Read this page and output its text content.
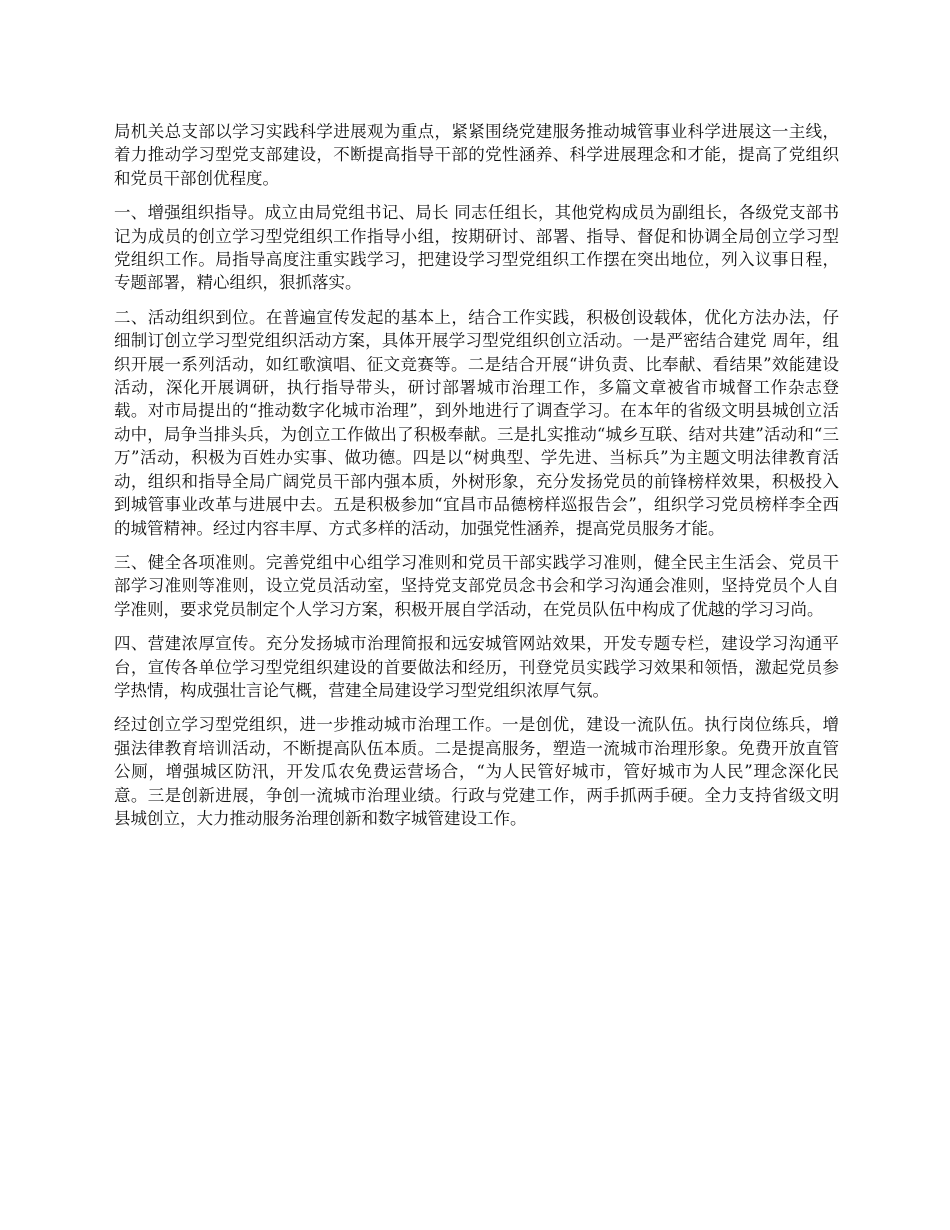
局机关总支部以学习实践科学进展观为重点，紧紧围绕党建服务推动城管事业科学进展这一主线，着力推动学习型党支部建设，不断提高指导干部的党性涵养、科学进展理念和才能，提高了党组织和党员干部创优程度。

一、增强组织指导。成立由局党组书记、局长 同志任组长，其他党构成员为副组长，各级党支部书记为成员的创立学习型党组织工作指导小组，按期研讨、部署、指导、督促和协调全局创立学习型党组织工作。局指导高度注重实践学习，把建设学习型党组织工作摆在突出地位，列入议事日程，专题部署，精心组织，狠抓落实。

二、活动组织到位。在普遍宣传发起的基本上，结合工作实践，积极创设载体，优化方法办法，仔细制订创立学习型党组织活动方案，具体开展学习型党组织创立活动。一是严密结合建党 周年，组织开展一系列活动，如红歌演唱、征文竞赛等。二是结合开展“讲负责、比奉献、看结果”效能建设活动，深化开展调研，执行指导带头，研讨部署城市治理工作，多篇文章被省市城督工作杂志登载。对市局提出的“推动数字化城市治理”，到外地进行了调查学习。在本年的省级文明县城创立活动中，局争当排头兵，为创立工作做出了积极奉献。三是扎实推动“城乡互联、结对共建”活动和“三万”活动，积极为百姓办实事、做功德。四是以“树典型、学先进、当标兵”为主题文明法律教育活动，组织和指导全局广阔党员干部内强本质，外树形象，充分发扬党员的前锋榜样效果，积极投入到城管事业改革与进展中去。五是积极参加“宜昌市品德榜样巡报告会”，组织学习党员榜样李全西的城管精神。经过内容丰厚、方式多样的活动，加强党性涵养，提高党员服务才能。

三、健全各项准则。完善党组中心组学习准则和党员干部实践学习准则，健全民主生活会、党员干部学习准则等准则，设立党员活动室，坚持党支部党员念书会和学习沟通会准则，坚持党员个人自学准则，要求党员制定个人学习方案，积极开展自学活动，在党员队伍中构成了优越的学习习尚。

四、营建浓厚宣传。充分发扬城市治理简报和远安城管网站效果，开发专题专栏，建设学习沟通平台，宣传各单位学习型党组织建设的首要做法和经历，刊登党员实践学习效果和领悟，激起党员参学热情，构成强壮言论气概，营建全局建设学习型党组织浓厚气氛。

经过创立学习型党组织，进一步推动城市治理工作。一是创优，建设一流队伍。执行岗位练兵，增强法律教育培训活动，不断提高队伍本质。二是提高服务，塑造一流城市治理形象。免费开放直管公厕，增强城区防汛，开发瓜农免费运营场合，“为人民管好城市，管好城市为人民”理念深化民意。三是创新进展，争创一流城市治理业绩。行政与党建工作，两手抓两手硬。全力支持省级文明县城创立，大力推动服务治理创新和数字城管建设工作。
